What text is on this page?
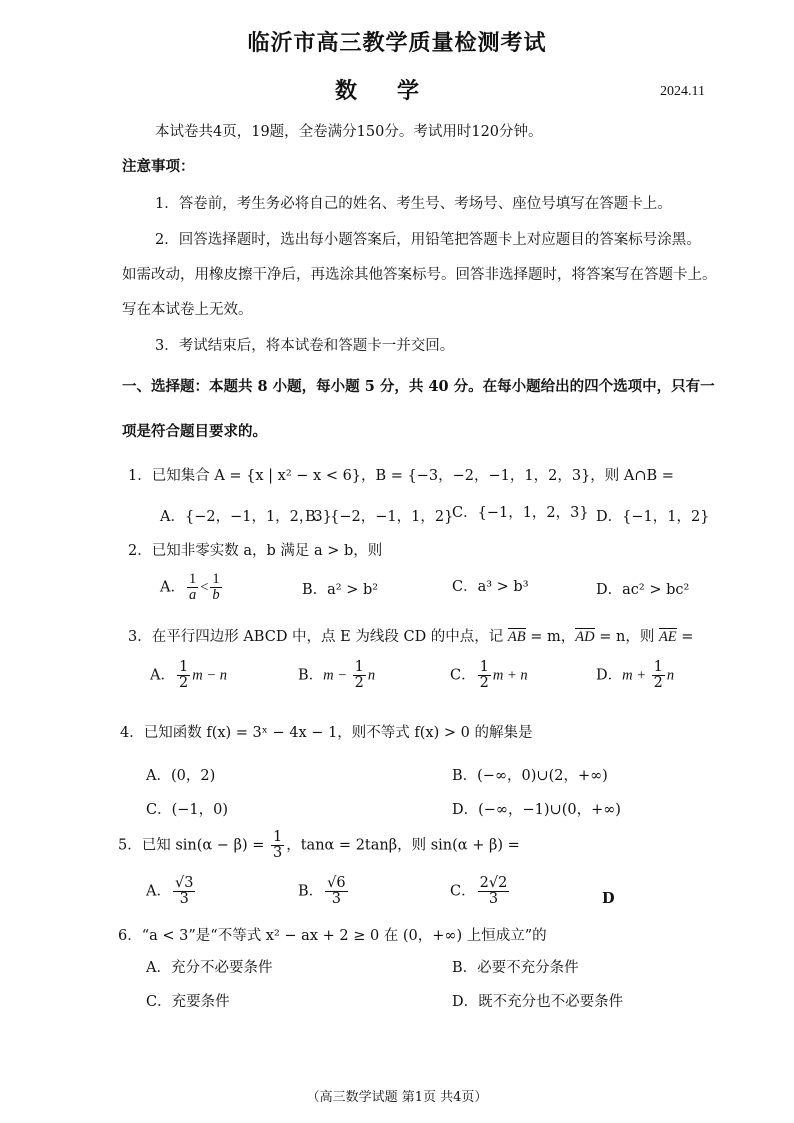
临沂市高三教学质量检测考试
数学	2024.11
本试卷共4页，19题，全卷满分150分。考试用时120分钟。
注意事项：
1．答卷前，考生务必将自己的姓名、考生号、考场号、座位号填写在答题卡上。
2．回答选择题时，选出每小题答案后，用铅笔把答题卡上对应题目的答案标号涂黑。
如需改动，用橡皮擦干净后，再选涂其他答案标号。回答非选择题时，将答案写在答题卡上。
写在本试卷上无效。
3．考试结束后，将本试卷和答题卡一并交回。
一、选择题：本题共 8 小题，每小题 5 分，共 40 分。在每小题给出的四个选项中，只有一
项是符合题目要求的。
1．已知集合 A = {x | x² − x < 6}，B = {−3，−2，−1，1，2，3}，则 A∩B =
A．{−2，−1，1，2，3}
B．{−2，−1，1，2}
C．{−1，1，2，3} D．{−1，1，2}
2．已知非零实数 a，b 满足 a > b，则
A． $\frac{1}{a} < \frac{1}{b}$	B．a² > b²	C．a³ > b³	D．ac² > bc²
3．在平行四边形 ABCD 中，点 E 为线段 CD 的中点，记 AB = m，AD = n，则 AE =
A． $\frac{1}{2}$ m − n	B．$m - \frac{1}{2}$ n	C． $\frac{1}{2}$ m + n	D．$m + \frac{1}{2}$ n
4．已知函数 f(x) = 3ˣ − 4x − 1，则不等式 f(x) > 0 的解集是
A．(0，2)	B．(−∞，0)∪(2，+∞)
C．(−1，0)	D．(−∞，−1)∪(0，+∞)
5．已知 $\sin(\alpha - \beta) = \frac{1}{3}$ ，tanα = 2tanβ，则 sin(α + β) =
A． $\frac{√3}{3}$	B． $\frac{√6}{3}$	C． $\frac{2√2}{3}$	D
6．“a < 3”是“不等式 x² − ax + 2 ≥ 0 在 (0，+∞) 上恒成立”的
A．充分不必要条件	B．必要不充分条件
C．充要条件	D．既不充分也不必要条件
（高三数学试题 第1页 共4页）
